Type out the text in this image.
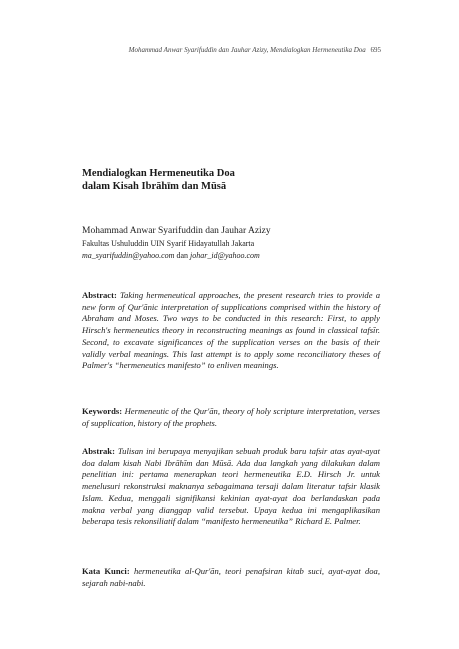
Mohammad Anwar Syarifuddin dan Jauhar Azizy, Mendialogkan Hermeneutika Doa 695
Mendialogkan Hermeneutika Doa
dalam Kisah Ibrāhīm dan Mūsā
Mohammad Anwar Syarifuddin dan Jauhar Azizy
Fakultas Ushuluddin UIN Syarif Hidayatullah Jakarta
ma_syarifuddin@yahoo.com dan johar_id@yahoo.com
Abstract: Taking hermeneutical approaches, the present research tries to provide a new form of Qur'ānic interpretation of supplications comprised within the history of Abraham and Moses. Two ways to be conducted in this research: First, to apply Hirsch's hermeneutics theory in reconstructing meanings as found in classical tafsīr. Second, to excavate significances of the supplication verses on the basis of their validly verbal meanings. This last attempt is to apply some reconciliatory theses of Palmer's “hermeneutics manifesto” to enliven meanings.
Keywords: Hermeneutic of the Qur'ān, theory of holy scripture interpretation, verses of supplication, history of the prophets.
Abstrak: Tulisan ini berupaya menyajikan sebuah produk baru tafsir atas ayat-ayat doa dalam kisah Nabi Ibrāhīm dan Mūsā. Ada dua langkah yang dilakukan dalam penelitian ini: pertama menerapkan teori hermeneutika E.D. Hirsch Jr. untuk menelusuri rekonstruksi maknanya sebagaimana tersaji dalam literatur tafsir klasik Islam. Kedua, menggali signifikansi kekinian ayat-ayat doa berlandaskan pada makna verbal yang dianggap valid tersebut. Upaya kedua ini mengaplikasikan beberapa tesis rekonsiliatif dalam “manifesto hermeneutika” Richard E. Palmer.
Kata Kunci: hermeneutika al-Qur'ān, teori penafsiran kitab suci, ayat-ayat doa, sejarah nabi-nabi.
